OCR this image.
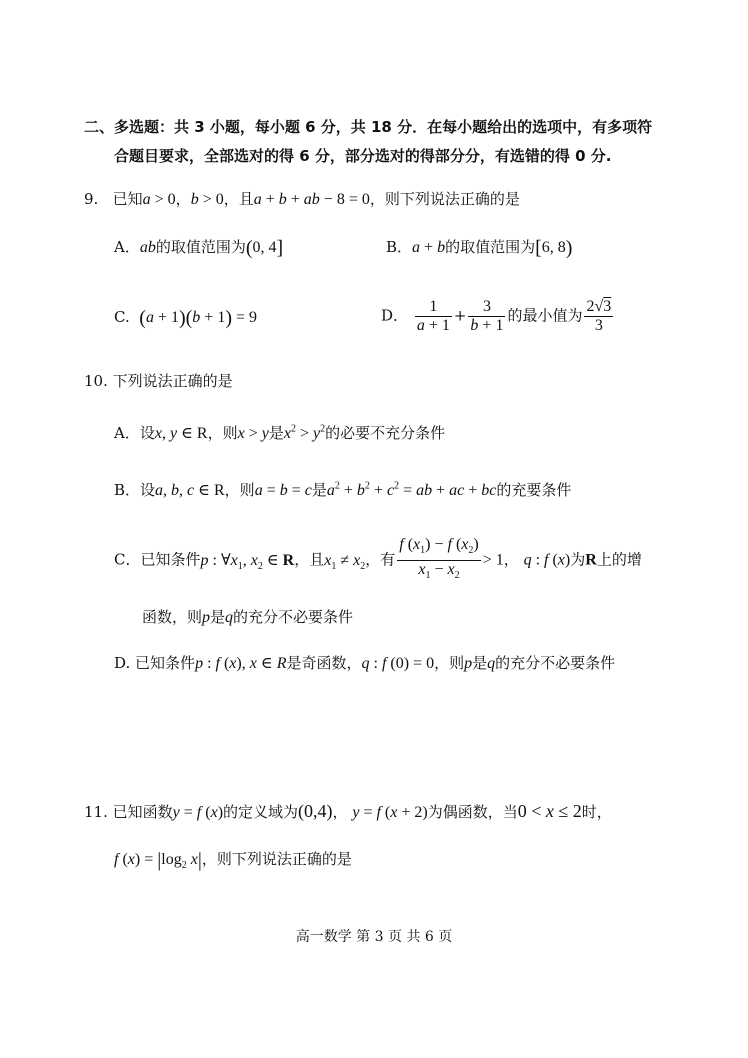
二、多选题：共 3 小题，每小题 6 分，共 18 分．在每小题给出的选项中，有多项符
合题目要求，全部选对的得 6 分，部分选对的得部分分，有选错的得 0 分.
9. 已知a > 0，b > 0，且a + b + ab − 8 = 0，则下列说法正确的是
A．ab的取值范围为(0, 4]	B．a + b的取值范围为[6, 8)
C. (a + 1)(b + 1) = 9	D． $\frac{1}{a + 1} + \frac{3}{b + 1}$ 的最小值为 $\frac{2√3}{3}$
10. 下列说法正确的是
A．设x, y ∈ R，则x > y是$x^2 > y^2$的必要不充分条件
B．设a, b, c ∈ R，则a = b = c是$a^2 + b^2 + c^2$ = ab + ac + bc的充要条件
C．已知条件p : $\forall x_1$, $x_2$ ∈ R，且$x_1 \ne x_2$，有 $\frac{f (x_1) - f (x_2)}{x_1 - x_2} > 1$， q : f (x)为R上的增
函数，则p是q的充分不必要条件
D. 已知条件p : f (x), x ∈ R是奇函数，q : f (0) = 0，则p是q的充分不必要条件
11. 已知函数y = f (x)的定义域为(0,4)， y = f (x + 2)为偶函数，当0 < x ≤ 2时，
f $(x) = |\log_2$ x|，则下列说法正确的是
高一数学 第 3 页 共 6 页
